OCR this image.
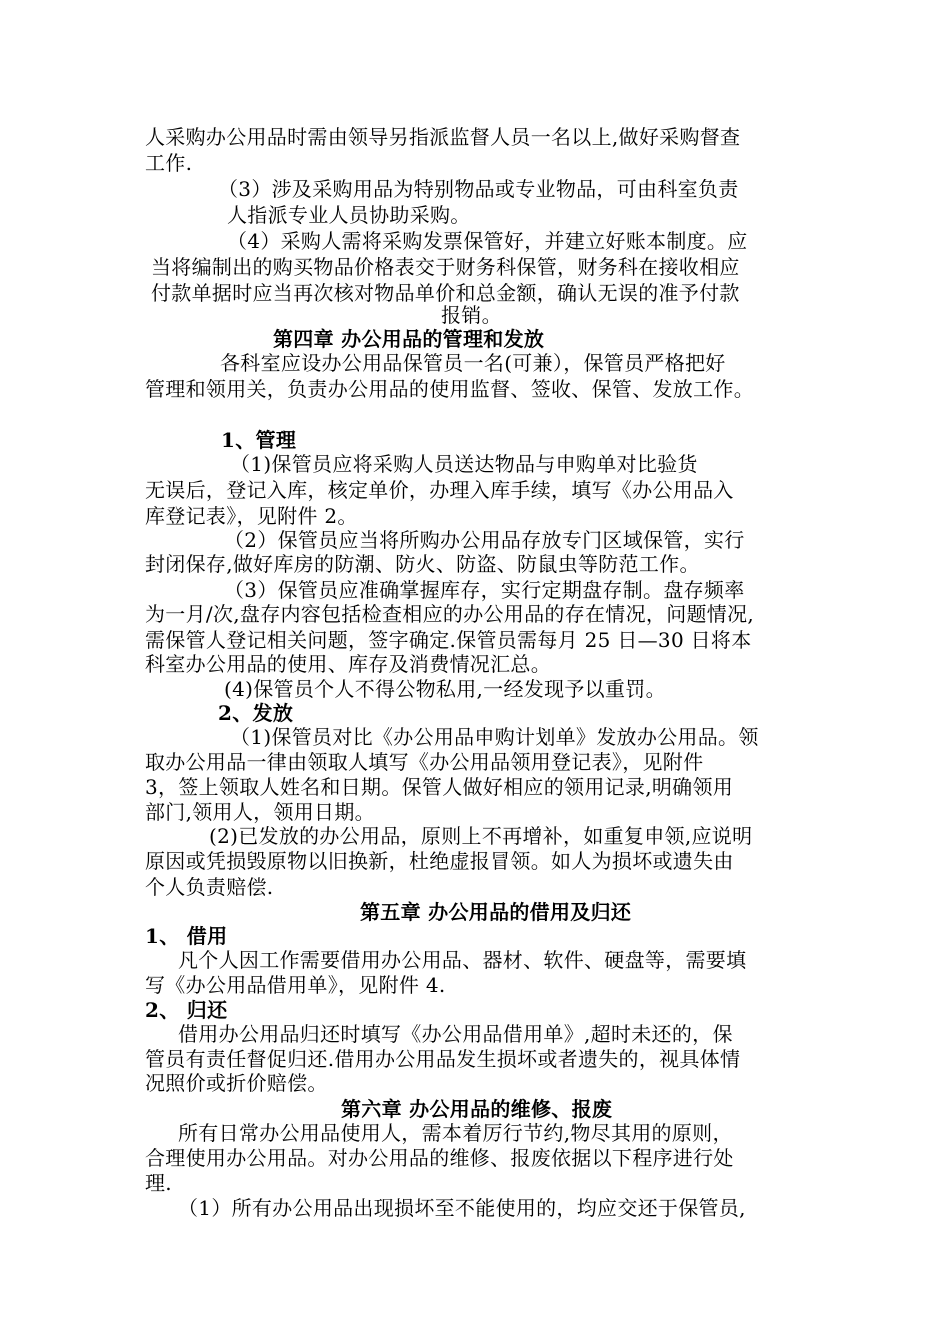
人采购办公用品时需由领导另指派监督人员一名以上,做好采购督查
工作.
（3）涉及采购用品为特别物品或专业物品，可由科室负责
人指派专业人员协助采购。
（4）采购人需将采购发票保管好，并建立好账本制度。应
当将编制出的购买物品价格表交于财务科保管，财务科在接收相应
付款单据时应当再次核对物品单价和总金额，确认无误的准予付款
报销。
第四章 办公用品的管理和发放
各科室应设办公用品保管员一名(可兼），保管员严格把好
管理和领用关，负责办公用品的使用监督、签收、保管、发放工作。
1、管理
（1)保管员应将采购人员送达物品与申购单对比验货
无误后，登记入库，核定单价，办理入库手续，填写《办公用品入
库登记表》，见附件 2。
（2）保管员应当将所购办公用品存放专门区域保管，实行
封闭保存,做好库房的防潮、防火、防盗、防鼠虫等防范工作。
（3）保管员应准确掌握库存，实行定期盘存制。盘存频率
为一月/次,盘存内容包括检查相应的办公用品的存在情况，问题情况,
需保管人登记相关问题，签字确定.保管员需每月 25 日—30 日将本
科室办公用品的使用、库存及消费情况汇总。
(4)保管员个人不得公物私用,一经发现予以重罚。
2、发放
（1)保管员对比《办公用品申购计划单》发放办公用品。领
取办公用品一律由领取人填写《办公用品领用登记表》，见附件
3，签上领取人姓名和日期。保管人做好相应的领用记录,明确领用
部门,领用人，领用日期。
(2)已发放的办公用品，原则上不再增补，如重复申领,应说明
原因或凭损毁原物以旧换新，杜绝虚报冒领。如人为损坏或遗失由
个人负责赔偿.
第五章 办公用品的借用及归还
1、 借用
凡个人因工作需要借用办公用品、器材、软件、硬盘等，需要填
写《办公用品借用单》，见附件 4.
2、 归还
借用办公用品归还时填写《办公用品借用单》,超时未还的，保
管员有责任督促归还.借用办公用品发生损坏或者遗失的，视具体情
况照价或折价赔偿。
第六章 办公用品的维修、报废
所有日常办公用品使用人，需本着厉行节约,物尽其用的原则，
合理使用办公用品。对办公用品的维修、报废依据以下程序进行处
理.
（1）所有办公用品出现损坏至不能使用的，均应交还于保管员,
